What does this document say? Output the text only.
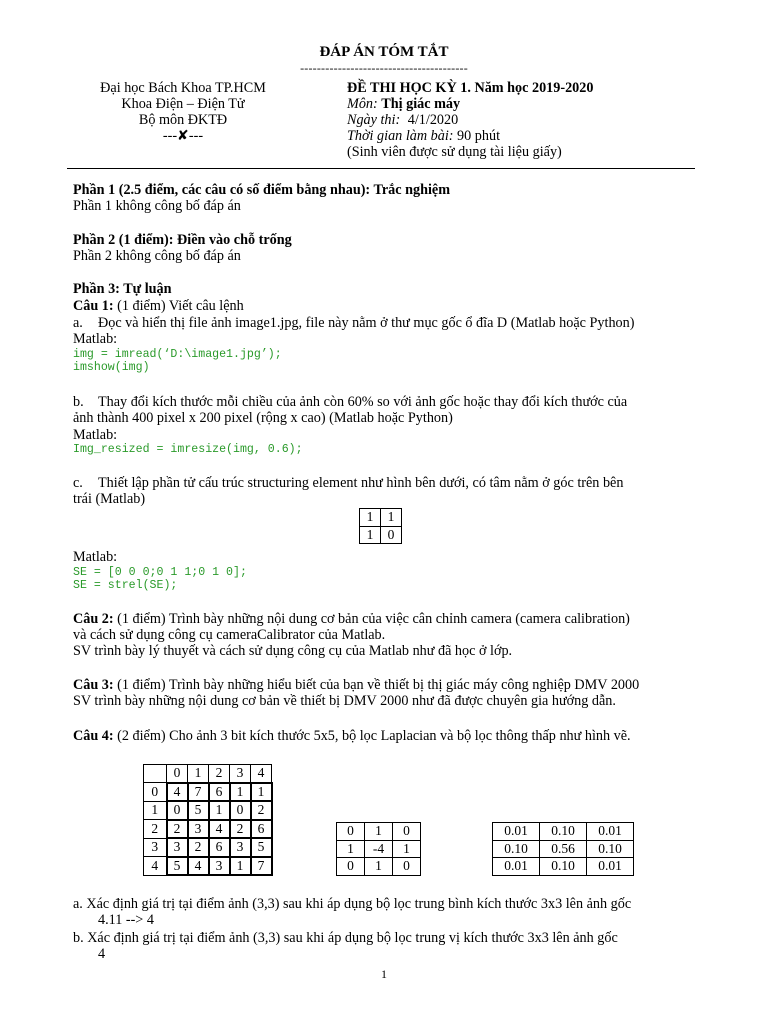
ĐÁP ÁN TÓM TẮT
----------------------------------------
Đại học Bách Khoa TP.HCM
Khoa Điện – Điện Tử
Bộ môn ĐKTĐ
---✘---
ĐỀ THI HỌC KỲ 1. Năm học 2019-2020
Môn: Thị giác máy
Ngày thi: 4/1/2020
Thời gian làm bài: 90 phút
(Sinh viên được sử dụng tài liệu giấy)
Phần 1 (2.5 điểm, các câu có số điểm bằng nhau): Trắc nghiệm
Phần 1 không công bố đáp án
Phần 2 (1 điểm): Điền vào chỗ trống
Phần 2 không công bố đáp án
Phần 3: Tự luận
Câu 1: (1 điểm) Viết câu lệnh
a. Đọc và hiển thị file ảnh image1.jpg, file này nằm ở thư mục gốc ổ đĩa D (Matlab hoặc Python)
Matlab:
img = imread(‘D:\image1.jpg’);
imshow(img)
b. Thay đổi kích thước mỗi chiều của ảnh còn 60% so với ảnh gốc hoặc thay đổi kích thước của
ảnh thành 400 pixel x 200 pixel (rộng x cao) (Matlab hoặc Python)
Matlab:
Img_resized = imresize(img, 0.6);
c. Thiết lập phần tử cấu trúc structuring element như hình bên dưới, có tâm nằm ở góc trên bên
trái (Matlab)
1	1
1	0
Matlab:
SE = [0 0 0;0 1 1;0 1 0];
SE = strel(SE);
Câu 2: (1 điểm) Trình bày những nội dung cơ bản của việc cân chỉnh camera (camera calibration)
và cách sử dụng công cụ cameraCalibrator của Matlab.
SV trình bày lý thuyết và cách sử dụng công cụ của Matlab như đã học ở lớp.
Câu 3: (1 điểm) Trình bày những hiểu biết của bạn về thiết bị thị giác máy công nghiệp DMV 2000
SV trình bày những nội dung cơ bản về thiết bị DMV 2000 như đã được chuyên gia hướng dẫn.
Câu 4: (2 điểm) Cho ảnh 3 bit kích thước 5x5, bộ lọc Laplacian và bộ lọc thông thấp như hình vẽ.
	0	1	2	3	4
0	4	7	6	1	1
1	0	5	1	0	2
2	2	3	4	2	6
3	3	2	6	3	5
4	5	4	3	1	7
0	1	0
1	-4	1
0	1	0
0.01	0.10	0.01
0.10	0.56	0.10
0.01	0.10	0.01
a. Xác định giá trị tại điểm ảnh (3,3) sau khi áp dụng bộ lọc trung bình kích thước 3x3 lên ảnh gốc
4.11 --> 4
b. Xác định giá trị tại điểm ảnh (3,3) sau khi áp dụng bộ lọc trung vị kích thước 3x3 lên ảnh gốc
4
1
